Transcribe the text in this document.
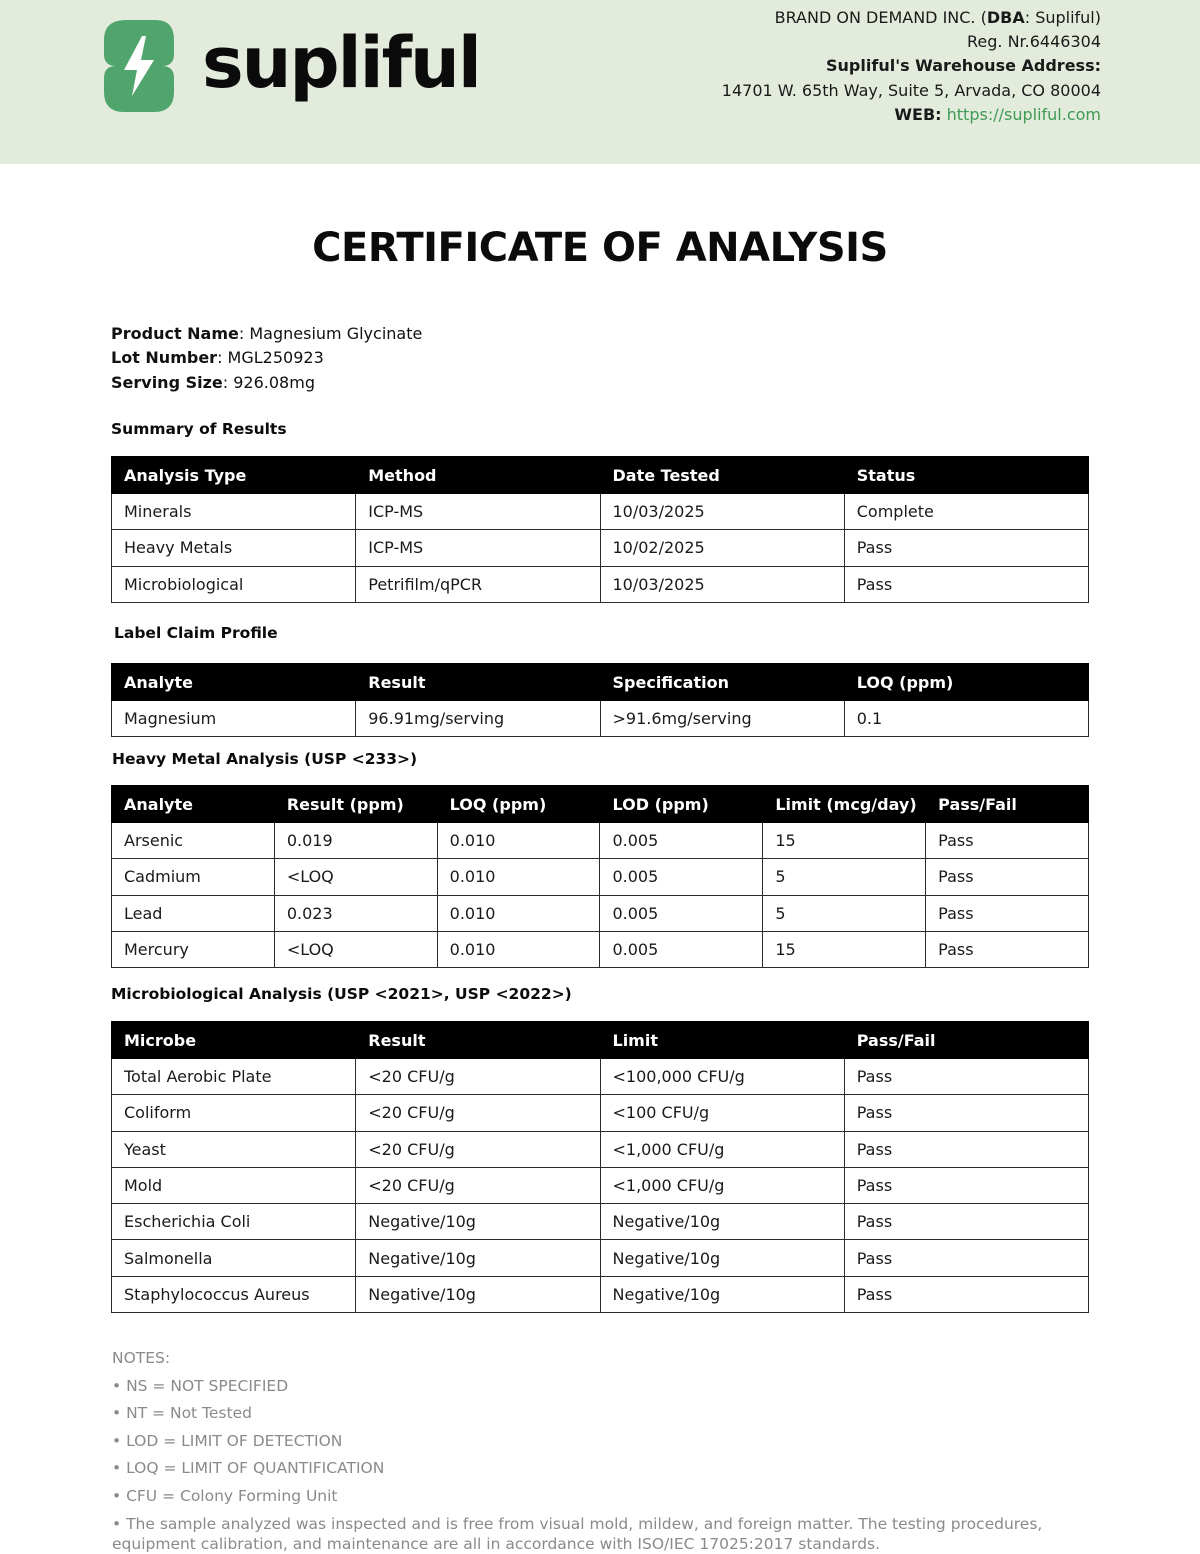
supliful
BRAND ON DEMAND INC. (DBA: Supliful)
Reg. Nr.6446304
Supliful's Warehouse Address:
14701 W. 65th Way, Suite 5, Arvada, CO 80004
WEB: https://supliful.com
CERTIFICATE OF ANALYSIS
Product Name: Magnesium Glycinate
Lot Number: MGL250923
Serving Size: 926.08mg
Summary of Results
Analysis Type	Method	Date Tested	Status
Minerals	ICP-MS	10/03/2025	Complete
Heavy Metals	ICP-MS	10/02/2025	Pass
Microbiological	Petrifilm/qPCR	10/03/2025	Pass
Label Claim Profile
Analyte	Result	Specification	LOQ (ppm)
Magnesium	96.91mg/serving	>91.6mg/serving	0.1
Heavy Metal Analysis (USP <233>)
Analyte	Result (ppm)	LOQ (ppm)	LOD (ppm)	Limit (mcg/day)	Pass/Fail
Arsenic	0.019	0.010	0.005	15	Pass
Cadmium	<LOQ	0.010	0.005	5	Pass
Lead	0.023	0.010	0.005	5	Pass
Mercury	<LOQ	0.010	0.005	15	Pass
Microbiological Analysis (USP <2021>, USP <2022>)
Microbe	Result	Limit	Pass/Fail
Total Aerobic Plate	<20 CFU/g	<100,000 CFU/g	Pass
Coliform	<20 CFU/g	<100 CFU/g	Pass
Yeast	<20 CFU/g	<1,000 CFU/g	Pass
Mold	<20 CFU/g	<1,000 CFU/g	Pass
Escherichia Coli	Negative/10g	Negative/10g	Pass
Salmonella	Negative/10g	Negative/10g	Pass
Staphylococcus Aureus	Negative/10g	Negative/10g	Pass
NOTES:
• NS = NOT SPECIFIED
• NT = Not Tested
• LOD = LIMIT OF DETECTION
• LOQ = LIMIT OF QUANTIFICATION
• CFU = Colony Forming Unit
• The sample analyzed was inspected and is free from visual mold, mildew, and foreign matter. The testing procedures, equipment calibration, and maintenance are all in accordance with ISO/IEC 17025:2017 standards.
